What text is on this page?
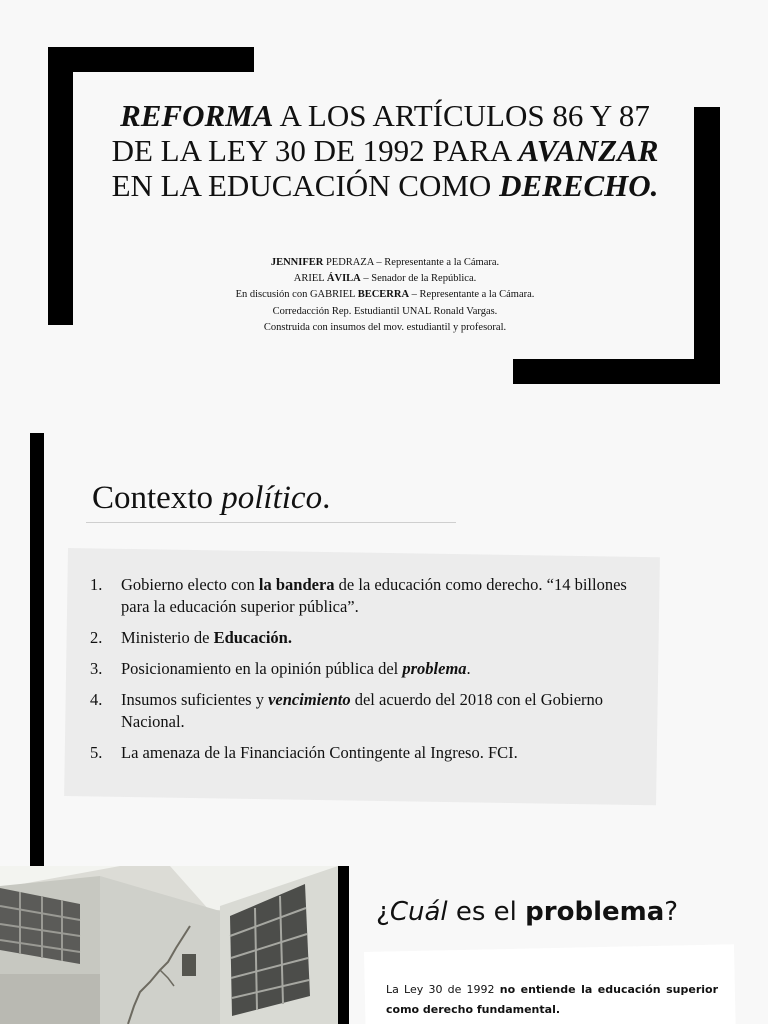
REFORMA A LOS ARTÍCULOS 86 Y 87
DE LA LEY 30 DE 1992 PARA AVANZAR
EN LA EDUCACIÓN COMO DERECHO.
JENNIFER PEDRAZA – Representante a la Cámara.
ARIEL ÁVILA – Senador de la República.
En discusión con GABRIEL BECERRA – Representante a la Cámara.
Corredacción Rep. Estudiantil UNAL Ronald Vargas.
Construida con insumos del mov. estudiantil y profesoral.
Contexto político.
1. Gobierno electo con la bandera de la educación como derecho. “14 billones para la educación superior pública”.
2. Ministerio de Educación.
3. Posicionamiento en la opinión pública del problema.
4. Insumos suficientes y vencimiento del acuerdo del 2018 con el Gobierno Nacional.
5. La amenaza de la Financiación Contingente al Ingreso. FCI.
¿Cuál es el problema?
La Ley 30 de 1992 no entiende la educación superior como derecho fundamental.
